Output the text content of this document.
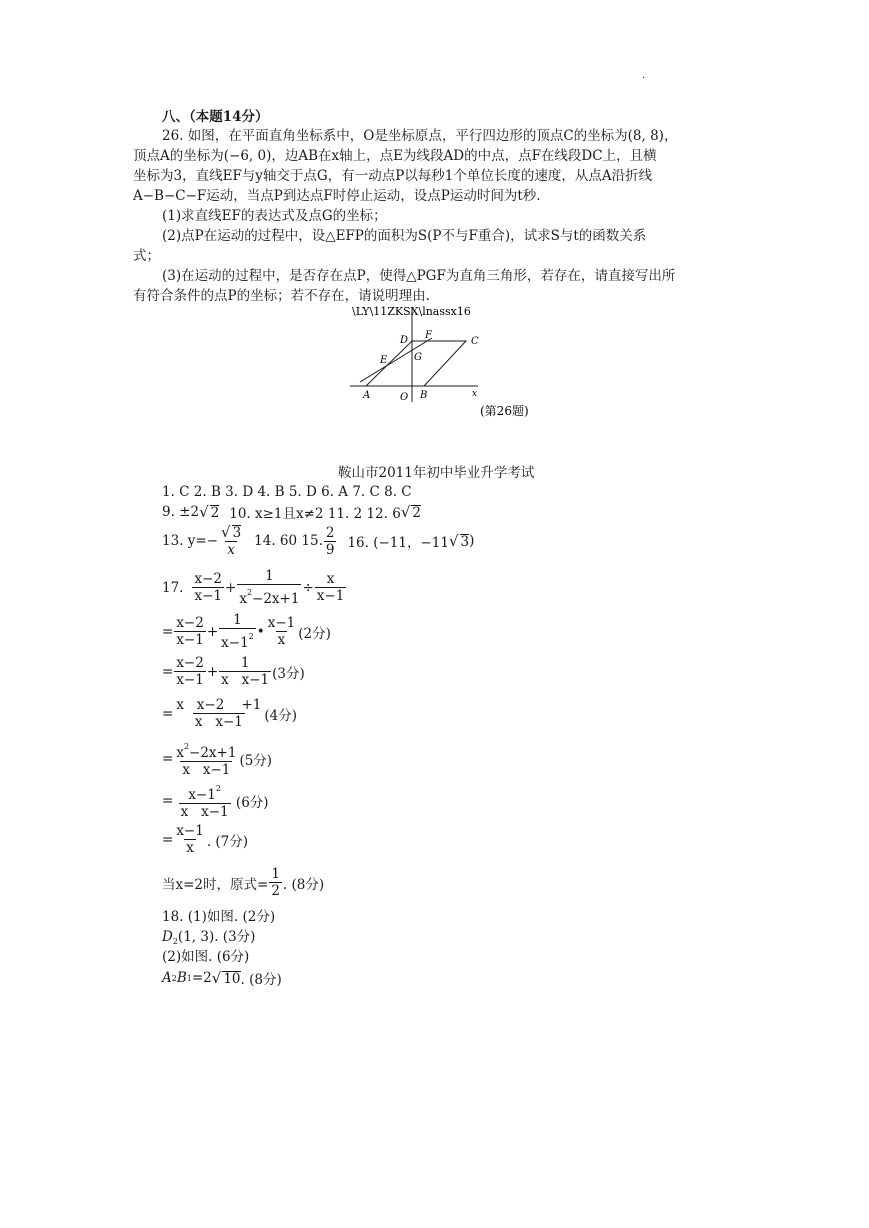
.
八、（本题14分）
26. 如图，在平面直角坐标系中，O是坐标原点，平行四边形的顶点C的坐标为(8, 8)，
顶点A的坐标为(−6, 0)，边AB在x轴上，点E为线段AD的中点，点F在线段DC上，且横
坐标为3，直线EF与y轴交于点G，有一动点P以每秒1个单位长度的速度，从点A沿折线
A−B−C−F运动，当点P到达点F时停止运动，设点P运动时间为t秒.
(1)求直线EF的表达式及点G的坐标；
(2)点P在运动的过程中，设△EFP的面积为S(P不与F重合)，试求S与t的函数关系
式；
(3)在运动的过程中，是否存在点P，使得△PGF为直角三角形，若存在，请直接写出所
有符合条件的点P的坐标；若不存在，请说明理由.
\LY\11ZKSX\lnassx16
D F
C
E	G
A	O B	x
(第26题)
鞍山市2011年初中毕业升学考试
1. C 2. B 3. D 4. B 5. D 6. A 7. C 8. C
9. ±2 √ 2 10. x≥1且x≠2 11. 2 12. 6 √ 2
13. $y=- \frac{√ 3}{x} 14$. 60 15. $\frac{2}{9} 16$. (−11，−11 √ 3 )
17. $\frac{x-2}{x-1} + \frac{1}{x^2-2x+1} \div \frac{x}{x-1}$
= $\frac{x-2}{x-1} + \frac{1}{x-1^2}$ • $\frac{x-1}{x} (2$分)
= $\frac{x-2}{x-1} + \frac{1}{\text{x   x−1}} (3$分)
= $\frac{\text{x   x−2    +1}}{\text{x   x−1}} (4$分)
= $\frac{x^2-2x+1}{\text{x   x−1}} (5$分)
= $\frac{x-1^2}{\text{x   x−1}} (6$分)
= $\frac{x-1}{x}$ . (7分)
当x=2时，原式= $\frac{1}{2}$ . (8分)
18. (1)如图. (2分)
$D_2(1$, 3). (3分)
(2)如图. (6分)
A 2 B 1 =2 √ 10 . (8分)
